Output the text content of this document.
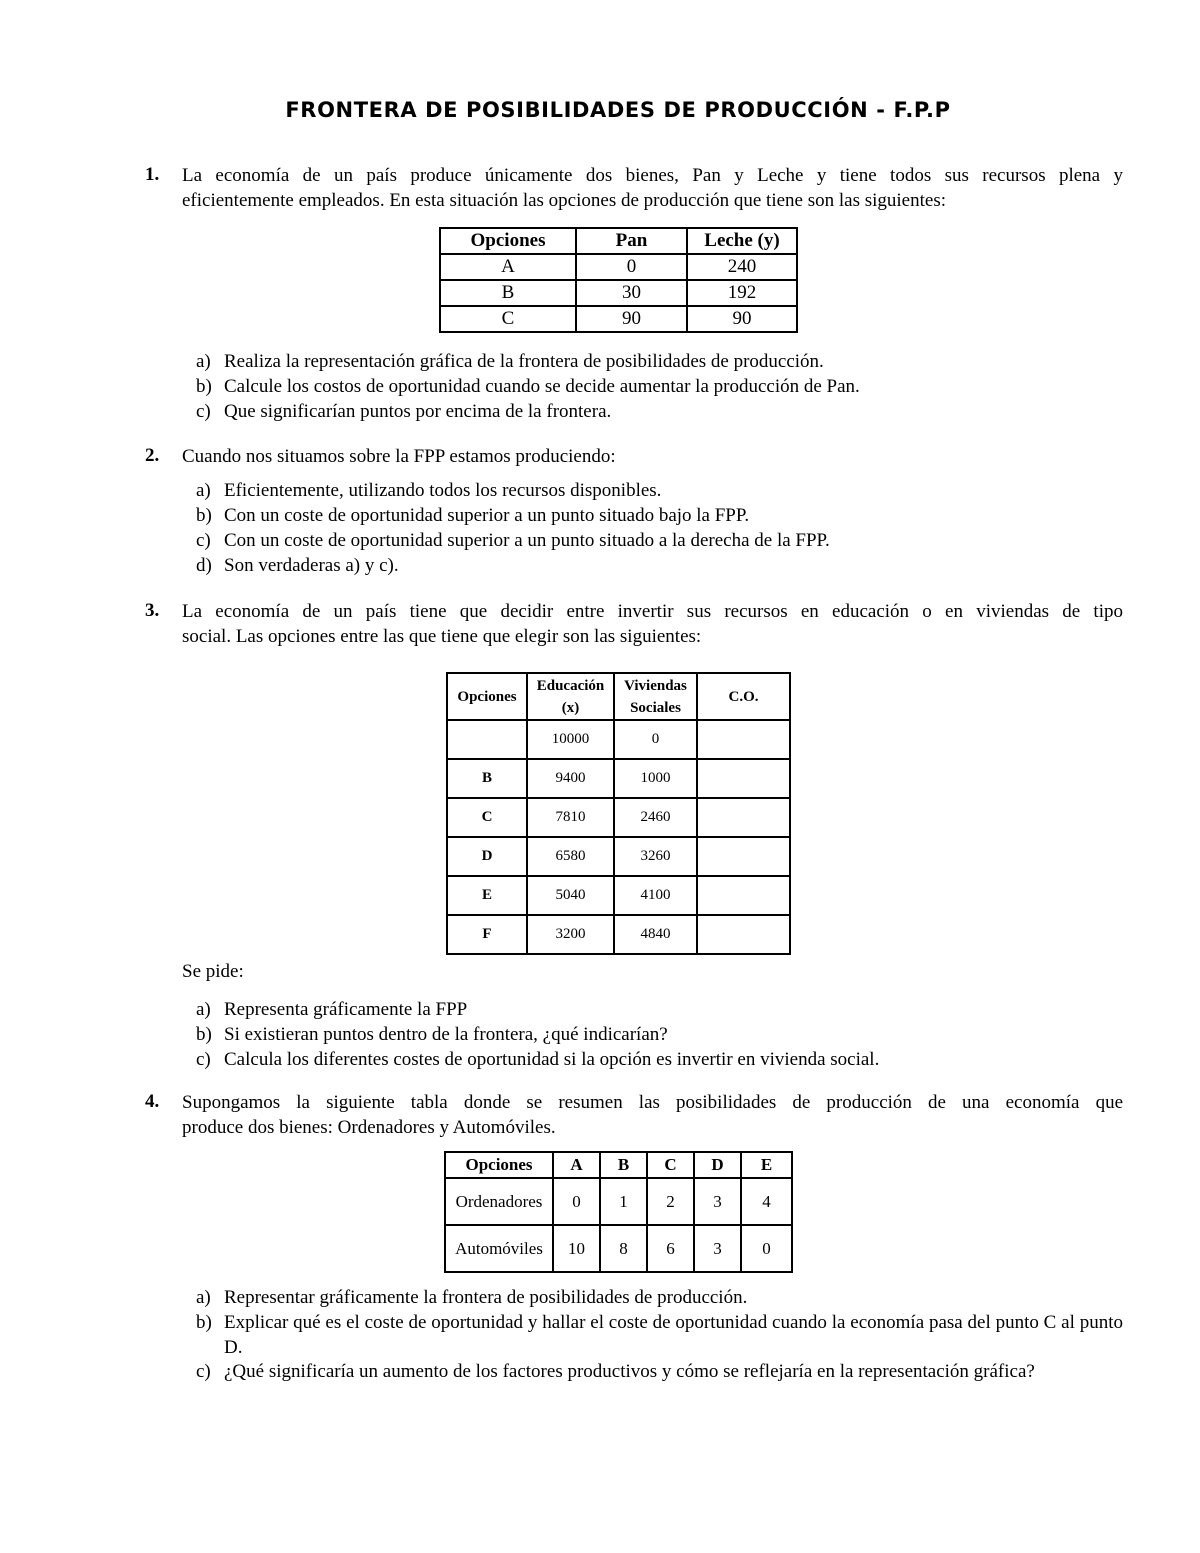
FRONTERA DE POSIBILIDADES DE PRODUCCIÓN - F.P.P
1. La economía de un país produce únicamente dos bienes, Pan y Leche y tiene todos sus recursos plena y
eficientemente empleados. En esta situación las opciones de producción que tiene son las siguientes:
Opciones	Pan	Leche (y)
A	0	240
B	30	192
C	90	90
a) Realiza la representación gráfica de la frontera de posibilidades de producción.
b) Calcule los costos de oportunidad cuando se decide aumentar la producción de Pan.
c) Que significarían puntos por encima de la frontera.
2. Cuando nos situamos sobre la FPP estamos produciendo:
a) Eficientemente, utilizando todos los recursos disponibles.
b) Con un coste de oportunidad superior a un punto situado bajo la FPP.
c) Con un coste de oportunidad superior a un punto situado a la derecha de la FPP.
d) Son verdaderas a) y c).
3. La economía de un país tiene que decidir entre invertir sus recursos en educación o en viviendas de tipo
social. Las opciones entre las que tiene que elegir son las siguientes:
Opciones	Educación (x)	Viviendas Sociales	C.O.
	10000	0	
B	9400	1000	
C	7810	2460	
D	6580	3260	
E	5040	4100	
F	3200	4840	
Se pide:
a) Representa gráficamente la FPP
b) Si existieran puntos dentro de la frontera, ¿qué indicarían?
c) Calcula los diferentes costes de oportunidad si la opción es invertir en vivienda social.
4. Supongamos la siguiente tabla donde se resumen las posibilidades de producción de una economía que
produce dos bienes: Ordenadores y Automóviles.
Opciones	A	B	C	D	E
Ordenadores	0	1	2	3	4
Automóviles	10	8	6	3	0
a) Representar gráficamente la frontera de posibilidades de producción.
b) Explicar qué es el coste de oportunidad y hallar el coste de oportunidad cuando la economía pasa del punto C al punto D.
c) ¿Qué significaría un aumento de los factores productivos y cómo se reflejaría en la representación gráfica?
